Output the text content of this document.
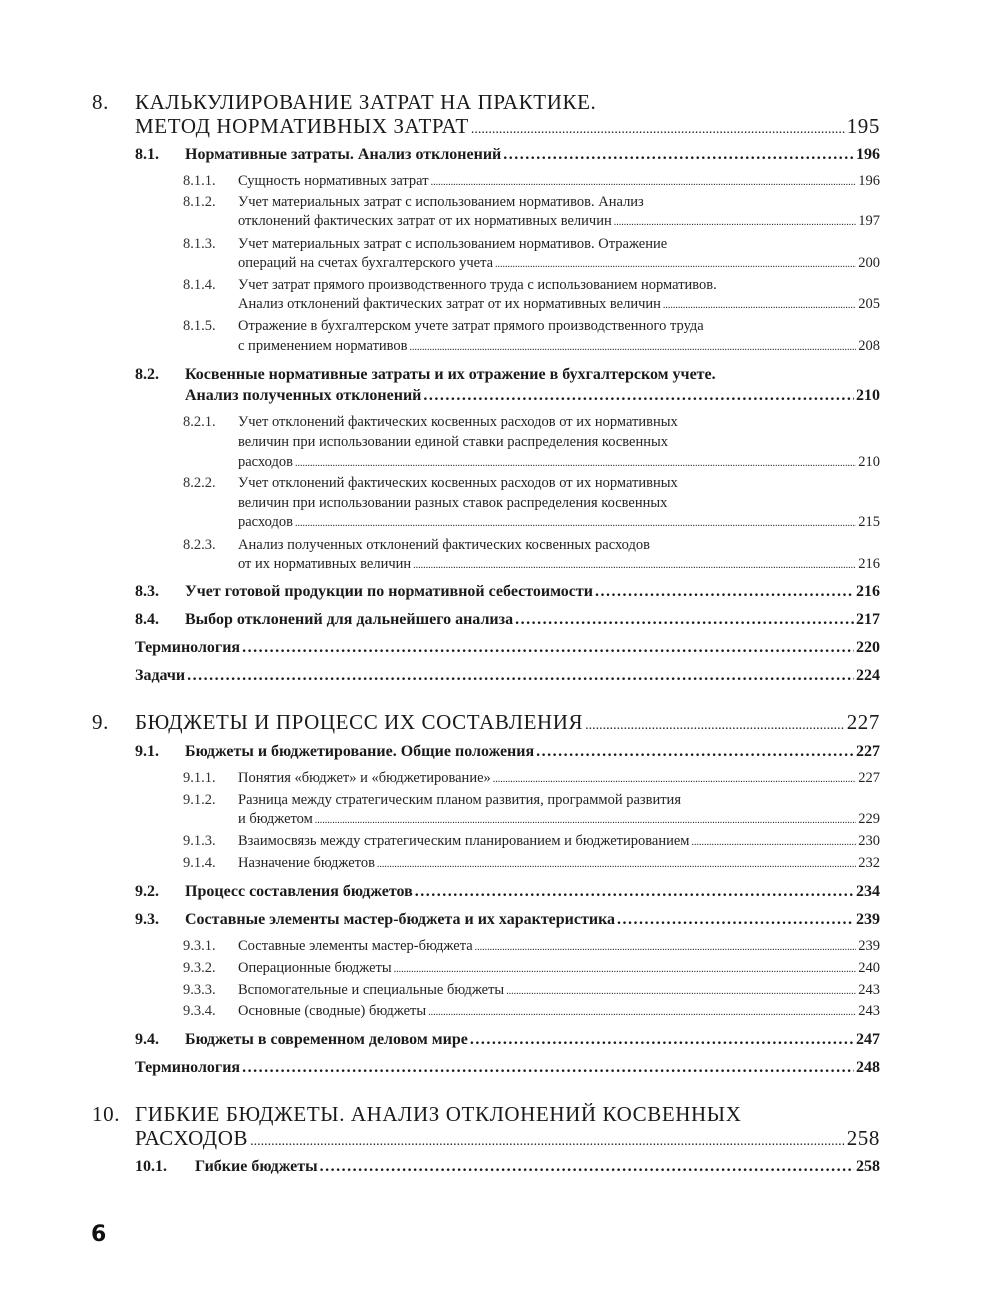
8. КАЛЬКУЛИРОВАНИЕ ЗАТРАТ НА ПРАКТИКЕ.
МЕТОД НОРМАТИВНЫХ ЗАТРАТ .....	195
8.1. Нормативные затраты. Анализ отклонений .....	196
8.1.1. Сущность нормативных затрат .....	196
8.1.2. Учет материальных затрат с использованием нормативов. Анализ
отклонений фактических затрат от их нормативных величин .....	197
8.1.3. Учет материальных затрат с использованием нормативов. Отражение
операций на счетах бухгалтерского учета .....	200
8.1.4. Учет затрат прямого производственного труда с использованием нормативов.
Анализ отклонений фактических затрат от их нормативных величин .....	205
8.1.5. Отражение в бухгалтерском учете затрат прямого производственного труда
с применением нормативов .....	208
8.2. Косвенные нормативные затраты и их отражение в бухгалтерском учете.
Анализ полученных отклонений .....	210
8.2.1. Учет отклонений фактических косвенных расходов от их нормативных
величин при использовании единой ставки распределения косвенных
расходов .....	210
8.2.2. Учет отклонений фактических косвенных расходов от их нормативных
величин при использовании разных ставок распределения косвенных
расходов .....	215
8.2.3. Анализ полученных отклонений фактических косвенных расходов
от их нормативных величин .....	216
8.3. Учет готовой продукции по нормативной себестоимости .....	216
8.4. Выбор отклонений для дальнейшего анализа .....	217
Терминология .....	220
Задачи .....	224
9. БЮДЖЕТЫ И ПРОЦЕСС ИХ СОСТАВЛЕНИЯ .....	227
9.1. Бюджеты и бюджетирование. Общие положения .....	227
9.1.1. Понятия «бюджет» и «бюджетирование» .....	227
9.1.2. Разница между стратегическим планом развития, программой развития
и бюджетом .....	229
9.1.3. Взаимосвязь между стратегическим планированием и бюджетированием .....	230
9.1.4. Назначение бюджетов .....	232
9.2. Процесс составления бюджетов .....	234
9.3. Составные элементы мастер-бюджета и их характеристика .....	239
9.3.1. Составные элементы мастер-бюджета .....	239
9.3.2. Операционные бюджеты .....	240
9.3.3. Вспомогательные и специальные бюджеты .....	243
9.3.4. Основные (сводные) бюджеты .....	243
9.4. Бюджеты в современном деловом мире .....	247
Терминология .....	248
10. ГИБКИЕ БЮДЖЕТЫ. АНАЛИЗ ОТКЛОНЕНИЙ КОСВЕННЫХ
РАСХОДОВ .....	258
10.1. Гибкие бюджеты .....	258
6
